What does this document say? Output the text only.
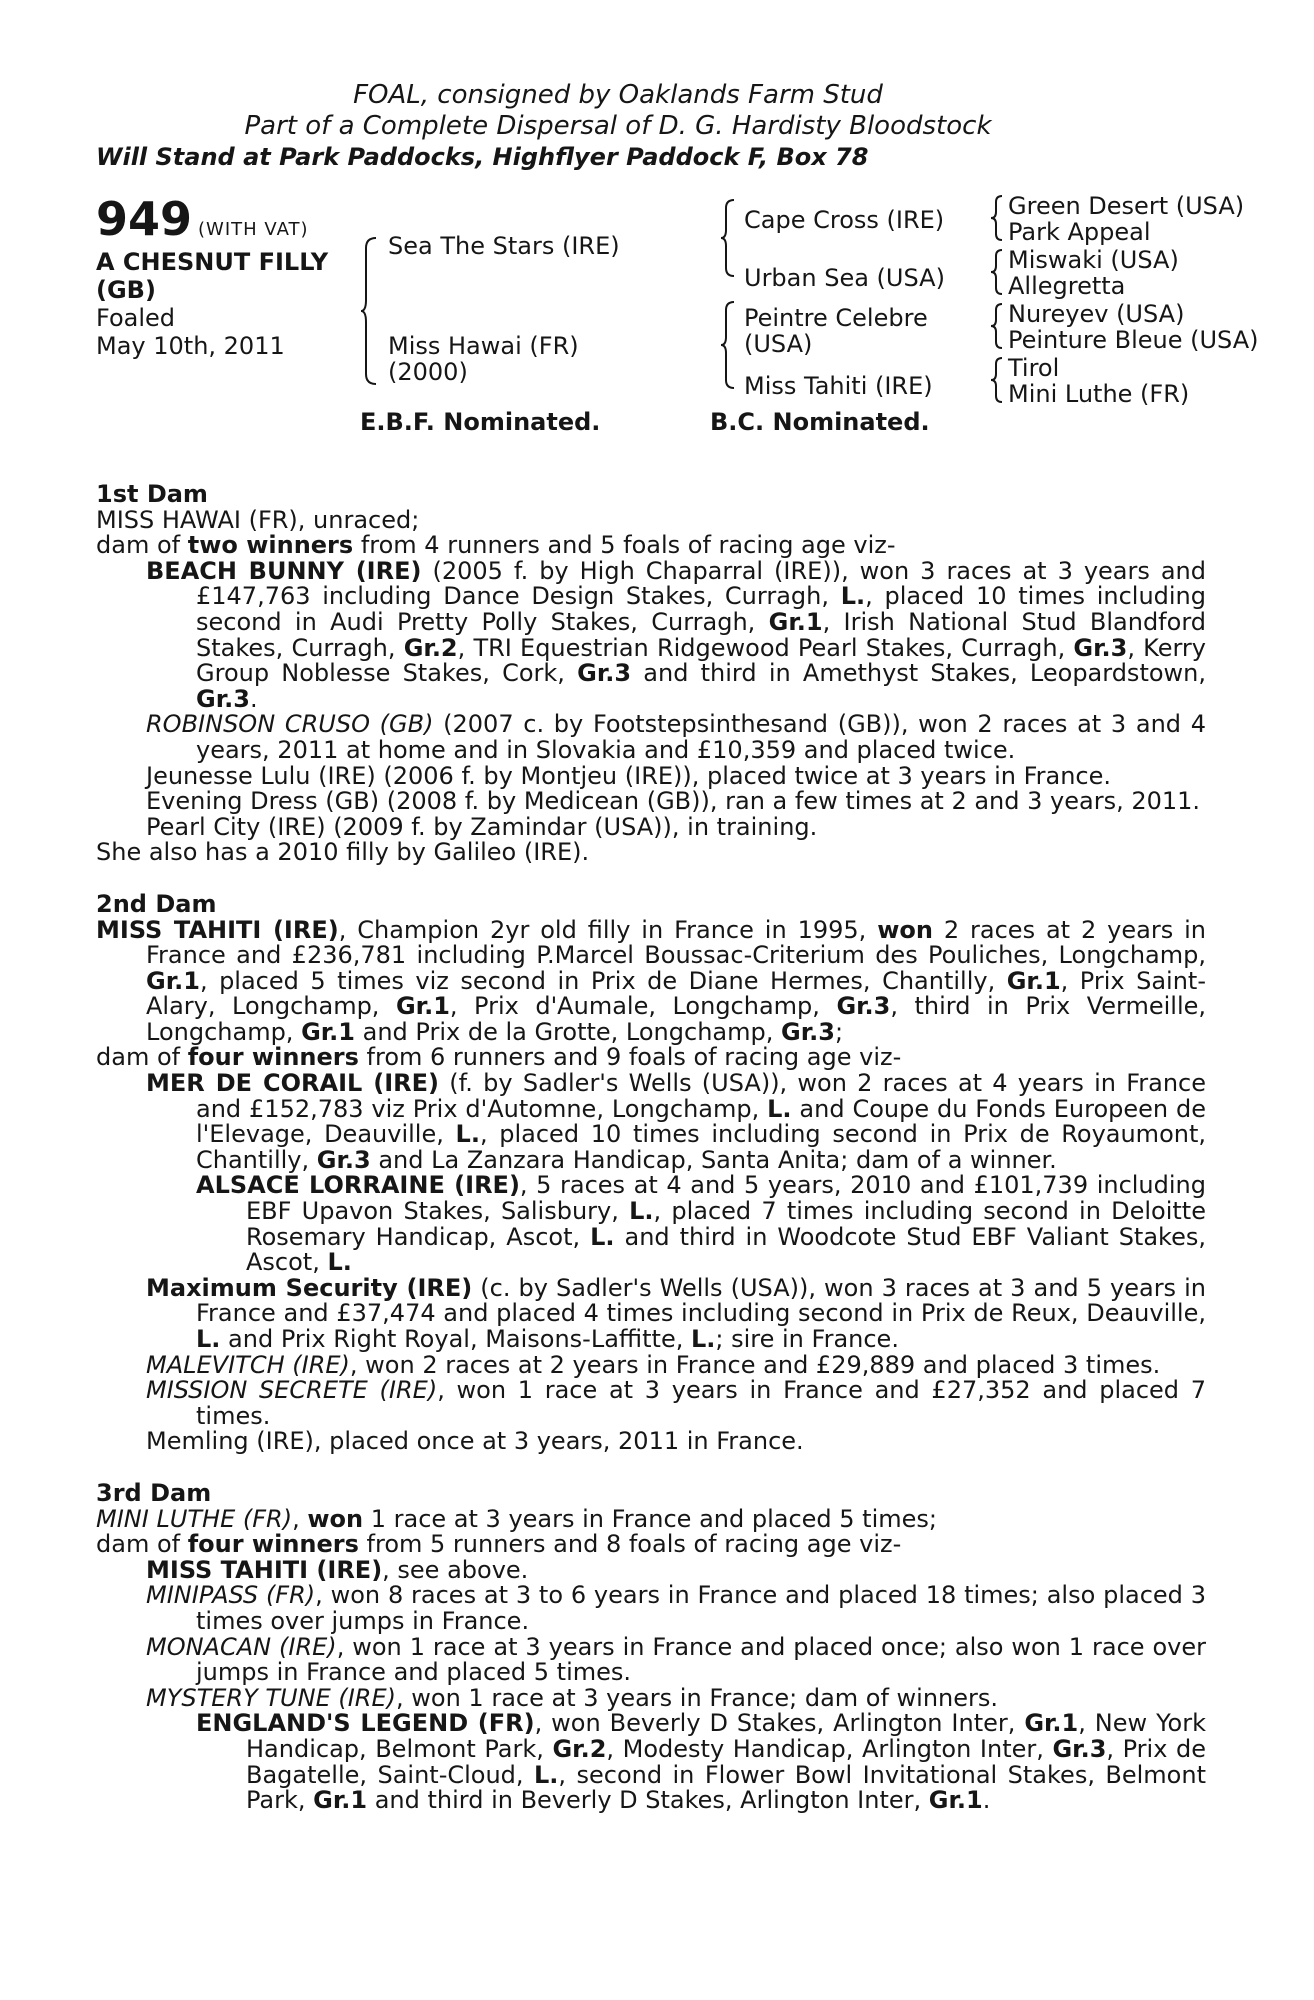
FOAL, consigned by Oaklands Farm Stud
Part of a Complete Dispersal of D. G. Hardisty Bloodstock
Will Stand at Park Paddocks, Highflyer Paddock F, Box 78
949 (WITH VAT)
A CHESNUT FILLY
(GB)
Foaled
May 10th, 2011
Sea The Stars (IRE)
Miss Hawai (FR)
(2000)
Cape Cross (IRE)
Urban Sea (USA)
Peintre Celebre
(USA)
Miss Tahiti (IRE)
Green Desert (USA)
Park Appeal
Miswaki (USA)
Allegretta
Nureyev (USA)
Peinture Bleue (USA)
Tirol
Mini Luthe (FR)
E.B.F. Nominated.	B.C. Nominated.
1st Dam
MISS HAWAI (FR), unraced;
dam of two winners from 4 runners and 5 foals of racing age viz-
BEACH BUNNY (IRE) (2005 f. by High Chaparral (IRE)), won 3 races at 3 years and £147,763 including Dance Design Stakes, Curragh, L., placed 10 times including second in Audi Pretty Polly Stakes, Curragh, Gr.1, Irish National Stud Blandford Stakes, Curragh, Gr.2, TRI Equestrian Ridgewood Pearl Stakes, Curragh, Gr.3, Kerry Group Noblesse Stakes, Cork, Gr.3 and third in Amethyst Stakes, Leopardstown, Gr.3.
ROBINSON CRUSO (GB) (2007 c. by Footstepsinthesand (GB)), won 2 races at 3 and 4 years, 2011 at home and in Slovakia and £10,359 and placed twice.
Jeunesse Lulu (IRE) (2006 f. by Montjeu (IRE)), placed twice at 3 years in France.
Evening Dress (GB) (2008 f. by Medicean (GB)), ran a few times at 2 and 3 years, 2011.
Pearl City (IRE) (2009 f. by Zamindar (USA)), in training.
She also has a 2010 filly by Galileo (IRE).
2nd Dam
MISS TAHITI (IRE), Champion 2yr old filly in France in 1995, won 2 races at 2 years in France and £236,781 including P.Marcel Boussac-Criterium des Pouliches, Longchamp, Gr.1, placed 5 times viz second in Prix de Diane Hermes, Chantilly, Gr.1, Prix Saint-Alary, Longchamp, Gr.1, Prix d'Aumale, Longchamp, Gr.3, third in Prix Vermeille, Longchamp, Gr.1 and Prix de la Grotte, Longchamp, Gr.3;
dam of four winners from 6 runners and 9 foals of racing age viz-
MER DE CORAIL (IRE) (f. by Sadler's Wells (USA)), won 2 races at 4 years in France and £152,783 viz Prix d'Automne, Longchamp, L. and Coupe du Fonds Europeen de l'Elevage, Deauville, L., placed 10 times including second in Prix de Royaumont, Chantilly, Gr.3 and La Zanzara Handicap, Santa Anita; dam of a winner.
ALSACE LORRAINE (IRE), 5 races at 4 and 5 years, 2010 and £101,739 including EBF Upavon Stakes, Salisbury, L., placed 7 times including second in Deloitte Rosemary Handicap, Ascot, L. and third in Woodcote Stud EBF Valiant Stakes, Ascot, L.
Maximum Security (IRE) (c. by Sadler's Wells (USA)), won 3 races at 3 and 5 years in France and £37,474 and placed 4 times including second in Prix de Reux, Deauville, L. and Prix Right Royal, Maisons-Laffitte, L.; sire in France.
MALEVITCH (IRE), won 2 races at 2 years in France and £29,889 and placed 3 times.
MISSION SECRETE (IRE), won 1 race at 3 years in France and £27,352 and placed 7 times.
Memling (IRE), placed once at 3 years, 2011 in France.
3rd Dam
MINI LUTHE (FR), won 1 race at 3 years in France and placed 5 times;
dam of four winners from 5 runners and 8 foals of racing age viz-
MISS TAHITI (IRE), see above.
MINIPASS (FR), won 8 races at 3 to 6 years in France and placed 18 times; also placed 3 times over jumps in France.
MONACAN (IRE), won 1 race at 3 years in France and placed once; also won 1 race over jumps in France and placed 5 times.
MYSTERY TUNE (IRE), won 1 race at 3 years in France; dam of winners.
ENGLAND'S LEGEND (FR), won Beverly D Stakes, Arlington Inter, Gr.1, New York Handicap, Belmont Park, Gr.2, Modesty Handicap, Arlington Inter, Gr.3, Prix de Bagatelle, Saint-Cloud, L., second in Flower Bowl Invitational Stakes, Belmont Park, Gr.1 and third in Beverly D Stakes, Arlington Inter, Gr.1.
